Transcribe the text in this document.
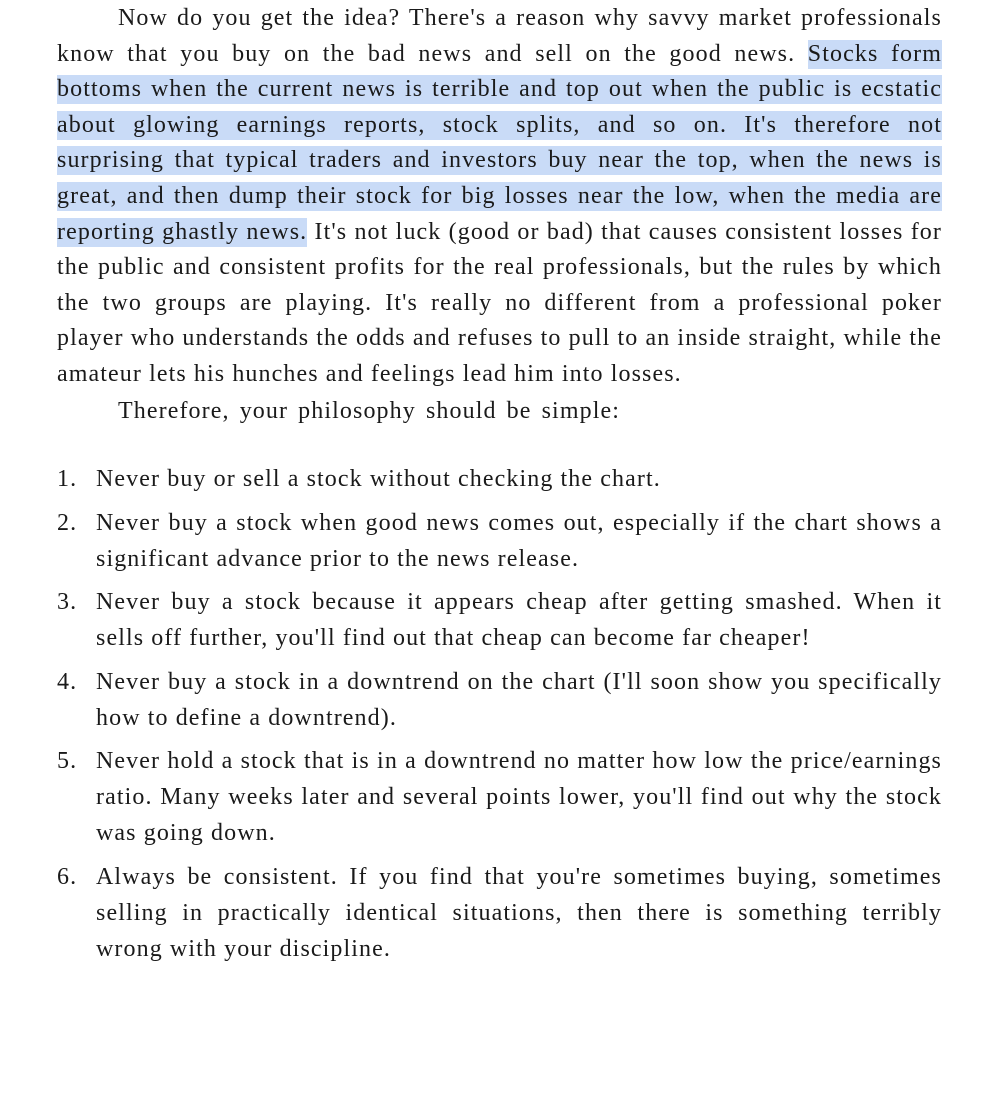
Now do you get the idea? There's a reason why savvy market professionals know that you buy on the bad news and sell on the good news. Stocks form bottoms when the current news is terrible and top out when the public is ecstatic about glowing earnings reports, stock splits, and so on. It's therefore not surprising that typical traders and investors buy near the top, when the news is great, and then dump their stock for big losses near the low, when the media are reporting ghastly news. It's not luck (good or bad) that causes consistent losses for the public and consistent profits for the real professionals, but the rules by which the two groups are playing. It's really no different from a professional poker player who understands the odds and refuses to pull to an inside straight, while the amateur lets his hunches and feelings lead him into losses.

Therefore, your philosophy should be simple:

1. Never buy or sell a stock without checking the chart.
2. Never buy a stock when good news comes out, especially if the chart shows a significant advance prior to the news release.
3. Never buy a stock because it appears cheap after getting smashed. When it sells off further, you'll find out that cheap can become far cheaper!
4. Never buy a stock in a downtrend on the chart (I'll soon show you specifically how to define a downtrend).
5. Never hold a stock that is in a downtrend no matter how low the price/earnings ratio. Many weeks later and several points lower, you'll find out why the stock was going down.
6. Always be consistent. If you find that you're sometimes buying, sometimes selling in practically identical situations, then there is something terribly wrong with your discipline.
